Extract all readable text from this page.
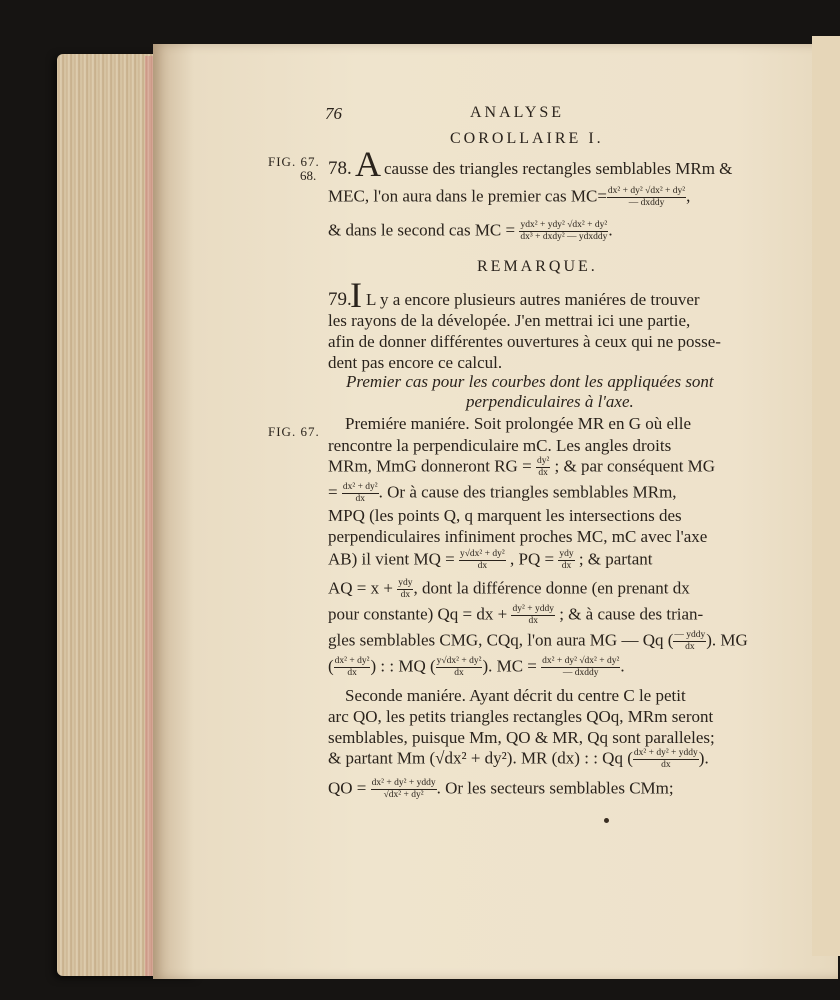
76	ANALYSE
COROLLAIRE I.
FIG. 67.
68. 78. A causse des triangles rectangles semblables MRm &
MEC, l'on aura dans le premier cas $MC= \frac{\text{dx² + dy² √dx² + dy²}}{\text{— dxddy}}$ ,
& dans le second cas MC = $\frac{\text{ydx² + ydy² √dx² + dy²}}{\text{dx³ + dxdy² — ydxddy}}$ .
REMARQUE.
79.
I L y a encore plusieurs autres maniéres de trouver
les rayons de la dévelopée. J'en mettrai ici une partie,
afin de donner différentes ouvertures à ceux qui ne posse-
dent pas encore ce calcul.
Premier cas pour les courbes dont les appliquées sont
perpendiculaires à l'axe.
FIG. 67. Premiére maniére. Soit prolongée MR en G où elle
rencontre la perpendiculaire mC. Les angles droits
MRm, MmG donneront RG = $\frac{\text{dy²}}{dx}$ ; & par conséquent MG
= $\frac{\text{dx² + dy²}}{dx}$ . Or à cause des triangles semblables MRm,
MPQ (les points Q, q marquent les intersections des
perpendiculaires infiniment proches MC, mC avec l'axe
AB) il vient MQ = $\frac{\text{y√dx² + dy²}}{dx}$ , PQ = $\frac{\text{ydy}}{dx}$ ; & partant
AQ = $x + \frac{\text{ydy}}{dx}$ , dont la différence donne (en prenant dx
pour constante) Qq = dx + $\frac{\text{dy² + yddy}}{dx}$ ; & à cause des trian-
gles semblables CMG, CQq, l'on aura MG — Qq ( $\frac{\text{— yddy}}{dx}$ ). MG
( $\frac{\text{dx² + dy²}}{dx}$ ) : : MQ ( $\frac{\text{y√dx² + dy²}}{dx}$ ). MC = $\frac{\text{dx² + dy² √dx² + dy²}}{\text{— dxddy}}$ .
Seconde maniére. Ayant décrit du centre C le petit
arc QO, les petits triangles rectangles QOq, MRm seront
semblables, puisque Mm, QO & MR, Qq sont paralleles;
& partant Mm (√dx² + dy²). MR (dx) : : Qq ( $\frac{\text{dx² + dy² + yddy}}{dx}$ ).
QO = $\frac{\text{dx² + dy² + yddy}}{\text{√dx² + dy²}}$ . Or les secteurs semblables CMm;
